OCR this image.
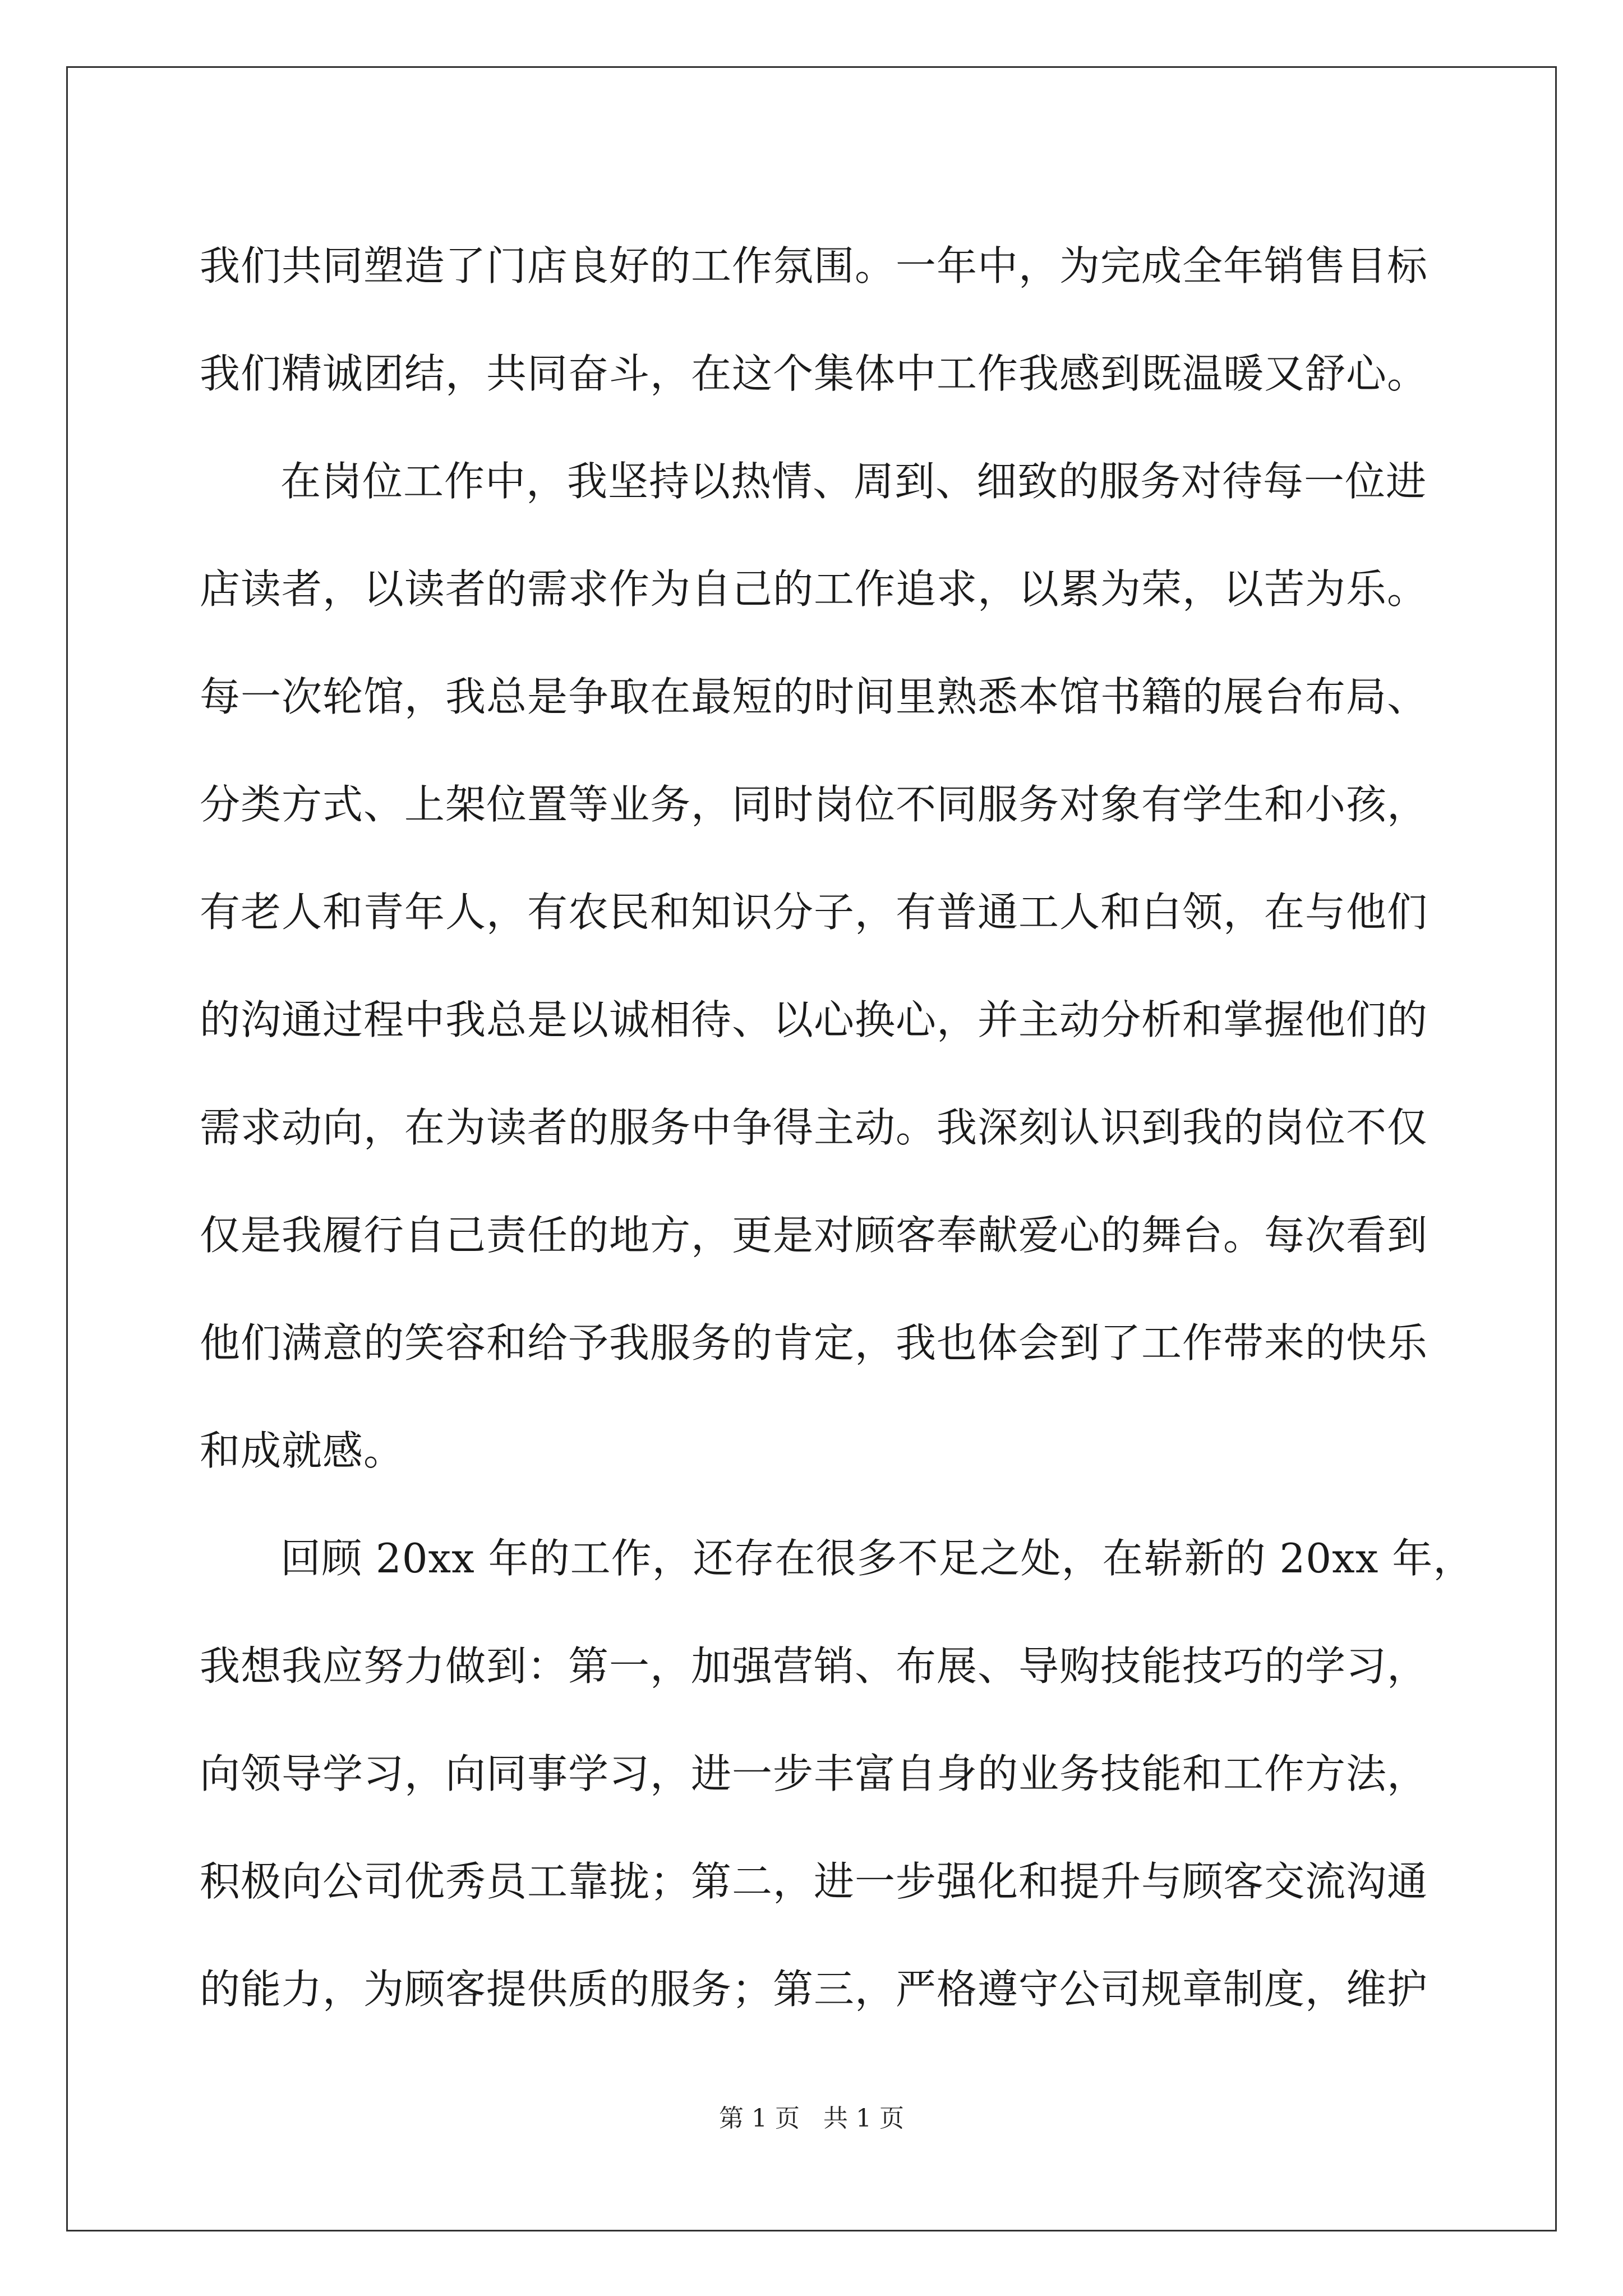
我们共同塑造了门店良好的工作氛围。一年中，为完成全年销售目标
我们精诚团结，共同奋斗，在这个集体中工作我感到既温暖又舒心。
在岗位工作中，我坚持以热情、周到、细致的服务对待每一位进
店读者，以读者的需求作为自己的工作追求，以累为荣，以苦为乐。
每一次轮馆，我总是争取在最短的时间里熟悉本馆书籍的展台布局、
分类方式、上架位置等业务，同时岗位不同服务对象有学生和小孩，
有老人和青年人，有农民和知识分子，有普通工人和白领，在与他们
的沟通过程中我总是以诚相待、以心换心，并主动分析和掌握他们的
需求动向，在为读者的服务中争得主动。我深刻认识到我的岗位不仅
仅是我履行自己责任的地方，更是对顾客奉献爱心的舞台。每次看到
他们满意的笑容和给予我服务的肯定，我也体会到了工作带来的快乐
和成就感。
回顾 20xx 年的工作，还存在很多不足之处，在崭新的 20xx 年，
我想我应努力做到：第一，加强营销、布展、导购技能技巧的学习，
向领导学习，向同事学习，进一步丰富自身的业务技能和工作方法，
积极向公司优秀员工靠拢；第二，进一步强化和提升与顾客交流沟通
的能力，为顾客提供质的服务；第三，严格遵守公司规章制度，维护
第 1 页   共 1 页
